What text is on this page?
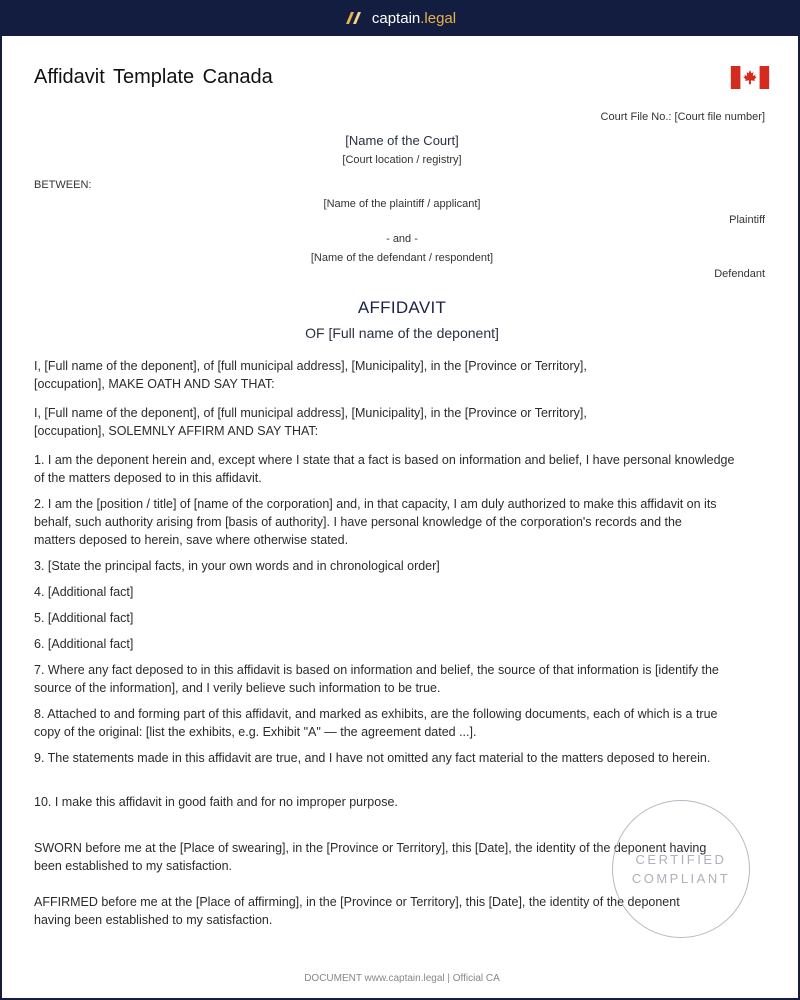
captain .legal
Affidavit Template Canada
Court File No.: [Court file number]
[Name of the Court]
[Court location / registry]
BETWEEN:
[Name of the plaintiff / applicant]
Plaintiff
- and -
[Name of the defendant / respondent]
Defendant
AFFIDAVIT
OF [Full name of the deponent]
I, [Full name of the deponent], of [full municipal address], [Municipality], in the [Province or Territory], [occupation], MAKE OATH AND SAY THAT:
I, [Full name of the deponent], of [full municipal address], [Municipality], in the [Province or Territory], [occupation], SOLEMNLY AFFIRM AND SAY THAT:
1. I am the deponent herein and, except where I state that a fact is based on information and belief, I have personal knowledge of the matters deposed to in this affidavit.
2. I am the [position / title] of [name of the corporation] and, in that capacity, I am duly authorized to make this affidavit on its behalf, such authority arising from [basis of authority]. I have personal knowledge of the corporation's records and the matters deposed to herein, save where otherwise stated.
3. [State the principal facts, in your own words and in chronological order]
4. [Additional fact]
5. [Additional fact]
6. [Additional fact]
7. Where any fact deposed to in this affidavit is based on information and belief, the source of that information is [identify the source of the information], and I verily believe such information to be true.
8. Attached to and forming part of this affidavit, and marked as exhibits, are the following documents, each of which is a true copy of the original: [list the exhibits, e.g. Exhibit "A" — the agreement dated ...].
9. The statements made in this affidavit are true, and I have not omitted any fact material to the matters deposed to herein.
10. I make this affidavit in good faith and for no improper purpose.
SWORN before me at the [Place of swearing], in the [Province or Territory], this [Date], the identity of the deponent having been established to my satisfaction.
AFFIRMED before me at the [Place of affirming], in the [Province or Territory], this [Date], the identity of the deponent having been established to my satisfaction.
CERTIFIED
COMPLIANT
DOCUMENT www.captain.legal | Official CA
